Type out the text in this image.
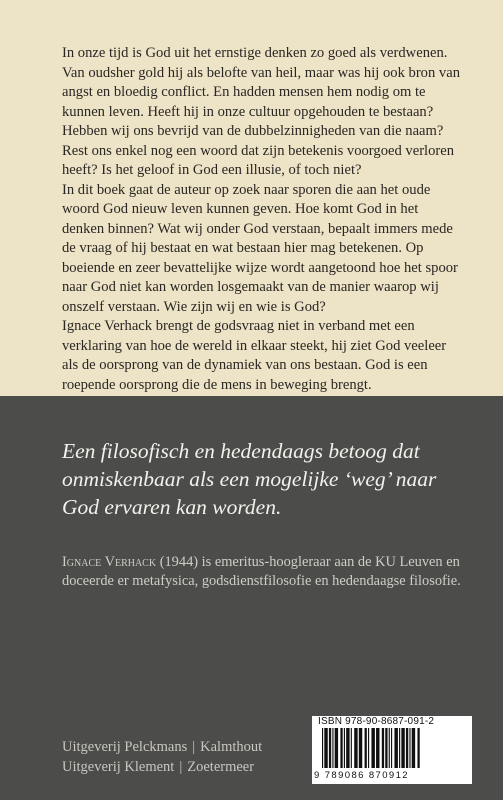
In onze tijd is God uit het ernstige denken zo goed als verdwenen. Van oudsher gold hij als belofte van heil, maar was hij ook bron van angst en bloedig conflict. En hadden mensen hem nodig om te kunnen leven. Heeft hij in onze cultuur opgehouden te bestaan? Hebben wij ons bevrijd van de dubbelzinnigheden van die naam? Rest ons enkel nog een woord dat zijn betekenis voorgoed verloren heeft? Is het geloof in God een illusie, of toch niet?

In dit boek gaat de auteur op zoek naar sporen die aan het oude woord God nieuw leven kunnen geven. Hoe komt God in het denken binnen? Wat wij onder God verstaan, bepaalt immers mede de vraag of hij bestaat en wat bestaan hier mag betekenen. Op boeiende en zeer bevattelijke wijze wordt aangetoond hoe het spoor naar God niet kan worden losgemaakt van de manier waarop wij onszelf verstaan. Wie zijn wij en wie is God?

Ignace Verhack brengt de godsvraag niet in verband met een verklaring van hoe de wereld in elkaar steekt, hij ziet God veeleer als de oorsprong van de dynamiek van ons bestaan. God is een roepende oorsprong die de mens in beweging brengt.

Een filosofisch en hedendaags betoog dat onmiskenbaar als een mogelijke ‘weg’ naar God ervaren kan worden.
Ignace Verhack (1944) is emeritus-hoogleraar aan de KU Leuven en doceerde er metafysica, godsdienstfilosofie en hedendaagse filosofie.
Uitgeverij Pelckmans | Kalmthout
Uitgeverij Klement | Zoetermeer
ISBN 978-90-8687-091-2
9 789086 870912
